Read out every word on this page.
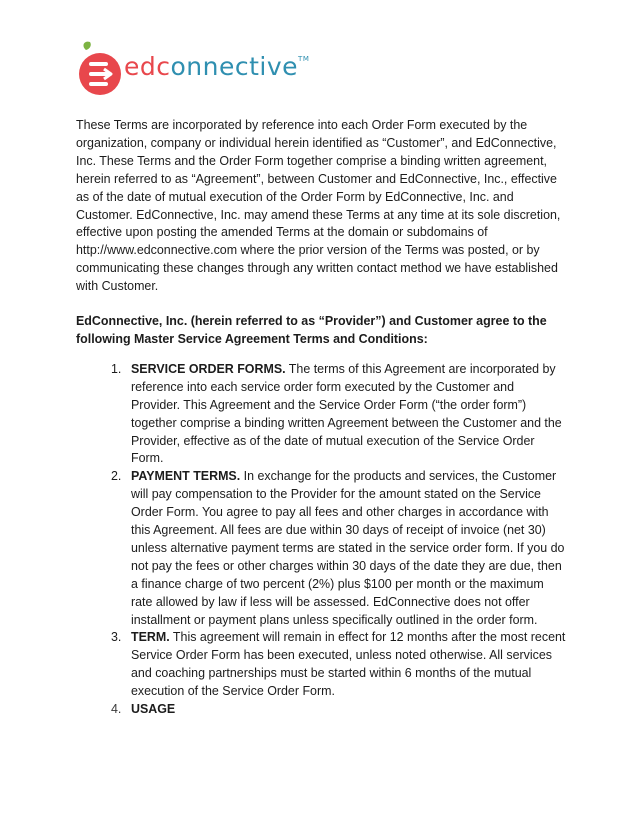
edconnective™

These Terms are incorporated by reference into each Order Form executed by the organization, company or individual herein identified as “Customer”, and EdConnective, Inc. These Terms and the Order Form together comprise a binding written agreement, herein referred to as “Agreement”, between Customer and EdConnective, Inc., effective as of the date of mutual execution of the Order Form by EdConnective, Inc. and Customer. EdConnective, Inc. may amend these Terms at any time at its sole discretion, effective upon posting the amended Terms at the domain or subdomains of http://www.edconnective.com where the prior version of the Terms was posted, or by communicating these changes through any written contact method we have established with Customer.

EdConnective, Inc. (herein referred to as “Provider”) and Customer agree to the following Master Service Agreement Terms and Conditions:

1. SERVICE ORDER FORMS. The terms of this Agreement are incorporated by reference into each service order form executed by the Customer and Provider. This Agreement and the Service Order Form (“the order form”) together comprise a binding written Agreement between the Customer and the Provider, effective as of the date of mutual execution of the Service Order Form.
2. PAYMENT TERMS. In exchange for the products and services, the Customer will pay compensation to the Provider for the amount stated on the Service Order Form. You agree to pay all fees and other charges in accordance with this Agreement. All fees are due within 30 days of receipt of invoice (net 30) unless alternative payment terms are stated in the service order form. If you do not pay the fees or other charges within 30 days of the date they are due, then a finance charge of two percent (2%) plus $100 per month or the maximum rate allowed by law if less will be assessed. EdConnective does not offer installment or payment plans unless specifically outlined in the order form.
3. TERM. This agreement will remain in effect for 12 months after the most recent Service Order Form has been executed, unless noted otherwise. All services and coaching partnerships must be started within 6 months of the mutual execution of the Service Order Form.
4. USAGE
